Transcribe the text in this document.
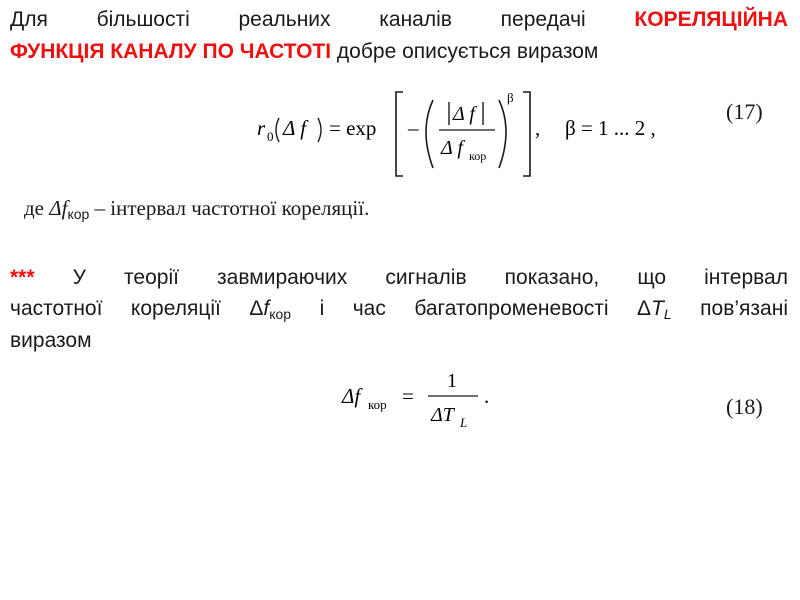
Для більшості реальних каналів передачі КОРЕЛЯЦІЙНА
ФУНКЦІЯ КАНАЛУ ПО ЧАСТОТІ добре описується виразом
r 0 Δ f = exp –
Δ f
Δ f кор
β
, β = 1 ... 2 ,
(17)
де $\Delta f_{кор}$ – інтервал частотної кореляції.
*** У теорії завмираючих сигналів показано, що інтервал
частотної кореляції Δfкор і час багатопроменевості ΔTL пов’язані
виразом
Δf кор =
1
ΔT L
.	(18)
